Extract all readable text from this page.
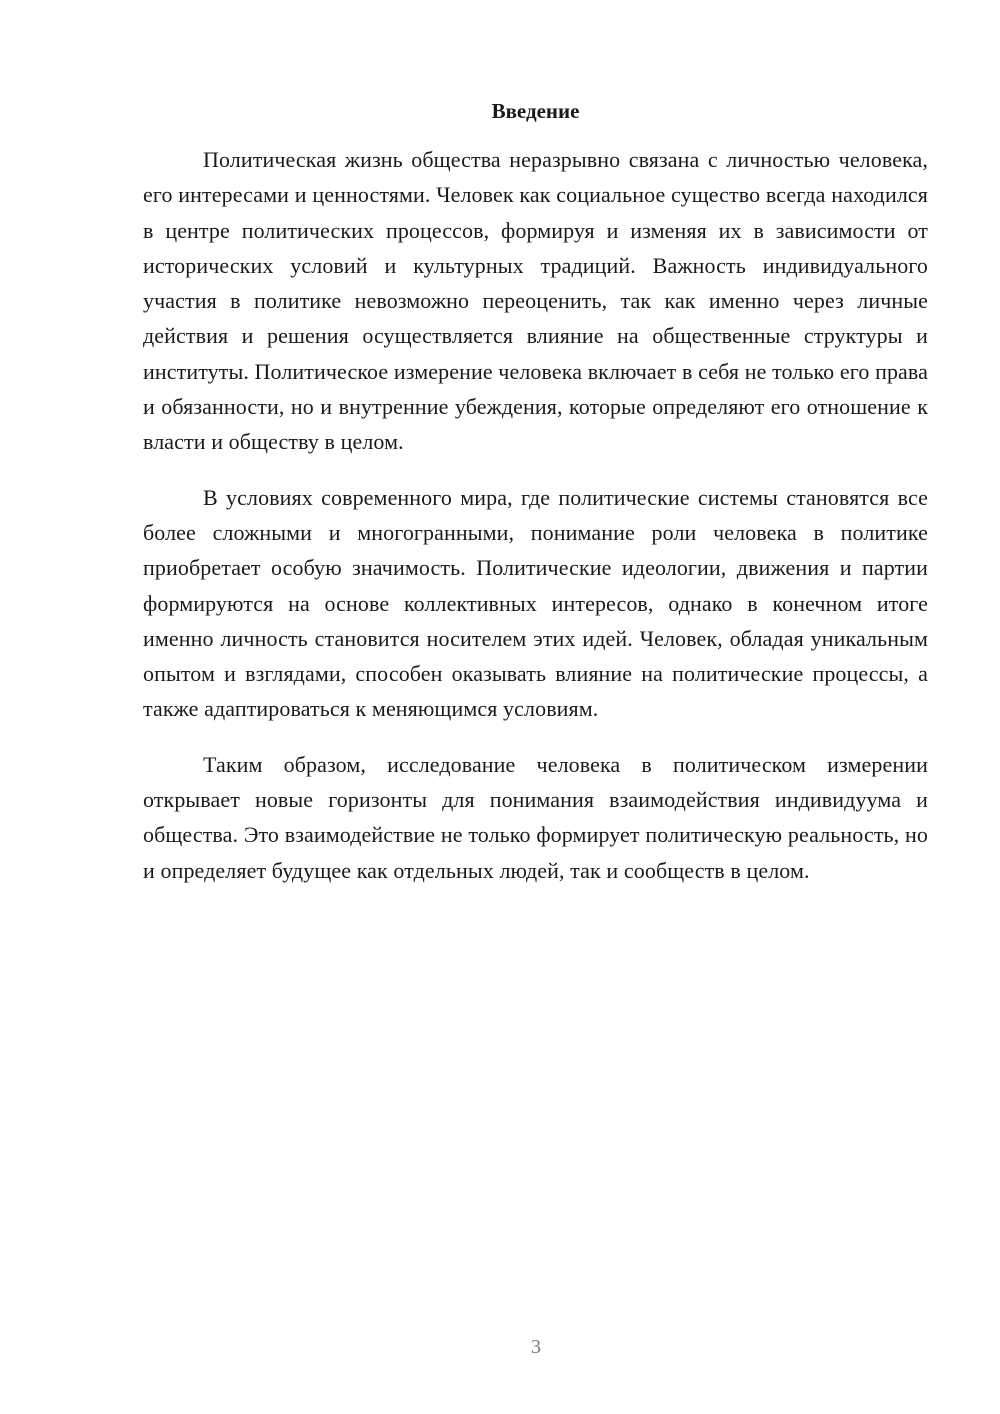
Введение

Политическая жизнь общества неразрывно связана с личностью человека, его интересами и ценностями. Человек как социальное существо всегда находился в центре политических процессов, формируя и изменяя их в зависимости от исторических условий и культурных традиций. Важность индивидуального участия в политике невозможно переоценить, так как именно через личные действия и решения осуществляется влияние на общественные структуры и институты. Политическое измерение человека включает в себя не только его права и обязанности, но и внутренние убеждения, которые определяют его отношение к власти и обществу в целом.

В условиях современного мира, где политические системы становятся все более сложными и многогранными, понимание роли человека в политике приобретает особую значимость. Политические идеологии, движения и партии формируются на основе коллективных интересов, однако в конечном итоге именно личность становится носителем этих идей. Человек, обладая уникальным опытом и взглядами, способен оказывать влияние на политические процессы, а также адаптироваться к меняющимся условиям.

Таким образом, исследование человека в политическом измерении открывает новые горизонты для понимания взаимодействия индивидуума и общества. Это взаимодействие не только формирует политическую реальность, но и определяет будущее как отдельных людей, так и сообществ в целом.

3
